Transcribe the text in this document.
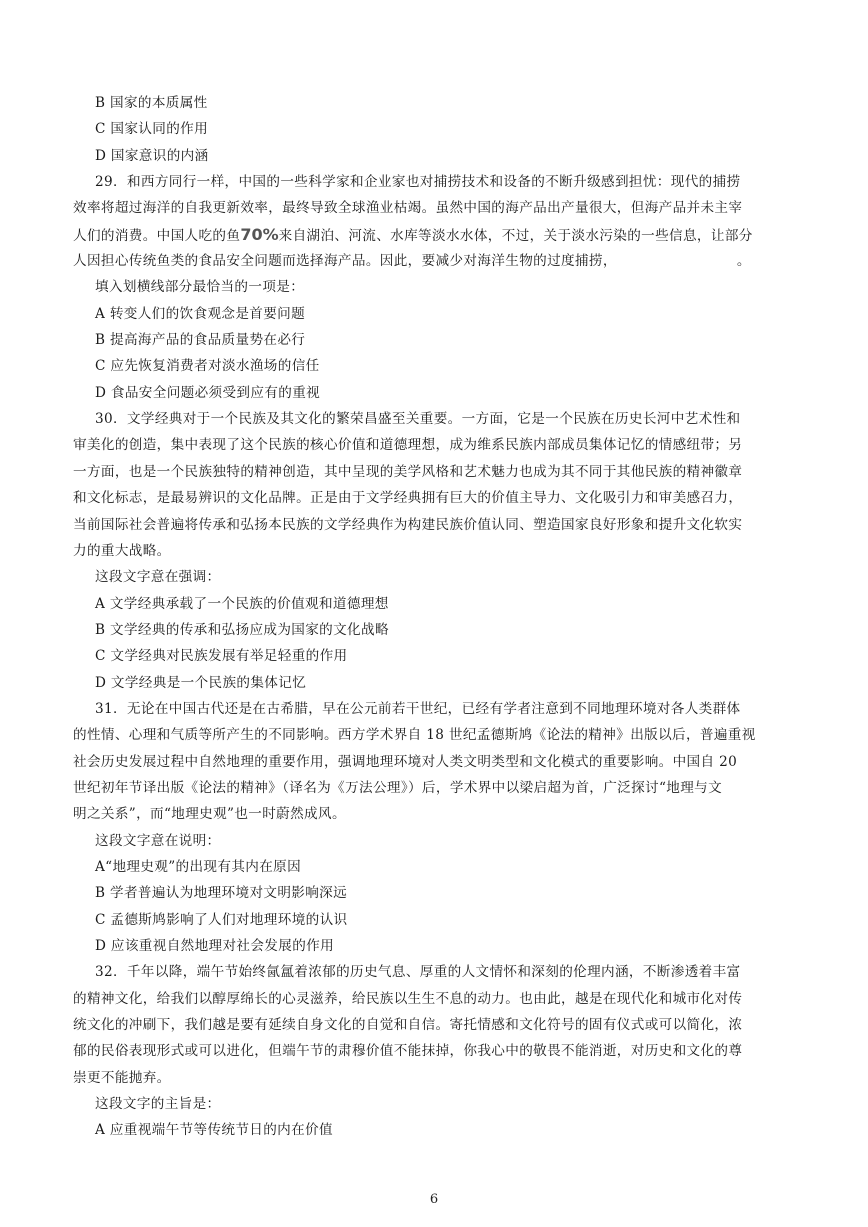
B 国家的本质属性
C 国家认同的作用
D 国家意识的内涵
29．和西方同行一样，中国的一些科学家和企业家也对捕捞技术和设备的不断升级感到担忧：现代的捕捞
效率将超过海洋的自我更新效率，最终导致全球渔业枯竭。虽然中国的海产品出产量很大，但海产品并未主宰
人们的消费。中国人吃的鱼70%来自湖泊、河流、水库等淡水水体，不过，关于淡水污染的一些信息，让部分
人因担心传统鱼类的食品安全问题而选择海产品。因此，要减少对海洋生物的过度捕捞，	。
填入划横线部分最恰当的一项是：
A 转变人们的饮食观念是首要问题
B 提高海产品的食品质量势在必行
C 应先恢复消费者对淡水渔场的信任
D 食品安全问题必须受到应有的重视
30．文学经典对于一个民族及其文化的繁荣昌盛至关重要。一方面，它是一个民族在历史长河中艺术性和
审美化的创造，集中表现了这个民族的核心价值和道德理想，成为维系民族内部成员集体记忆的情感纽带；另
一方面，也是一个民族独特的精神创造，其中呈现的美学风格和艺术魅力也成为其不同于其他民族的精神徽章
和文化标志，是最易辨识的文化品牌。正是由于文学经典拥有巨大的价值主导力、文化吸引力和审美感召力，
当前国际社会普遍将传承和弘扬本民族的文学经典作为构建民族价值认同、塑造国家良好形象和提升文化软实
力的重大战略。
这段文字意在强调：
A 文学经典承载了一个民族的价值观和道德理想
B 文学经典的传承和弘扬应成为国家的文化战略
C 文学经典对民族发展有举足轻重的作用
D 文学经典是一个民族的集体记忆
31．无论在中国古代还是在古希腊，早在公元前若干世纪，已经有学者注意到不同地理环境对各人类群体
的性情、心理和气质等所产生的不同影响。西方学术界自 18 世纪孟德斯鸠《论法的精神》出版以后，普遍重视
社会历史发展过程中自然地理的重要作用，强调地理环境对人类文明类型和文化模式的重要影响。中国自 20
世纪初年节译出版《论法的精神》（译名为《万法公理》）后，学术界中以梁启超为首，广泛探讨“地理与文
明之关系”，而“地理史观”也一时蔚然成风。
这段文字意在说明：
A“地理史观”的出现有其内在原因
B 学者普遍认为地理环境对文明影响深远
C 孟德斯鸠影响了人们对地理环境的认识
D 应该重视自然地理对社会发展的作用
32．千年以降，端午节始终氤氲着浓郁的历史气息、厚重的人文情怀和深刻的伦理内涵，不断渗透着丰富
的精神文化，给我们以醇厚绵长的心灵滋养，给民族以生生不息的动力。也由此，越是在现代化和城市化对传
统文化的冲刷下，我们越是要有延续自身文化的自觉和自信。寄托情感和文化符号的固有仪式或可以简化，浓
郁的民俗表现形式或可以进化，但端午节的肃穆价值不能抹掉，你我心中的敬畏不能消逝，对历史和文化的尊
崇更不能抛弃。
这段文字的主旨是：
A 应重视端午节等传统节日的内在价值
6
